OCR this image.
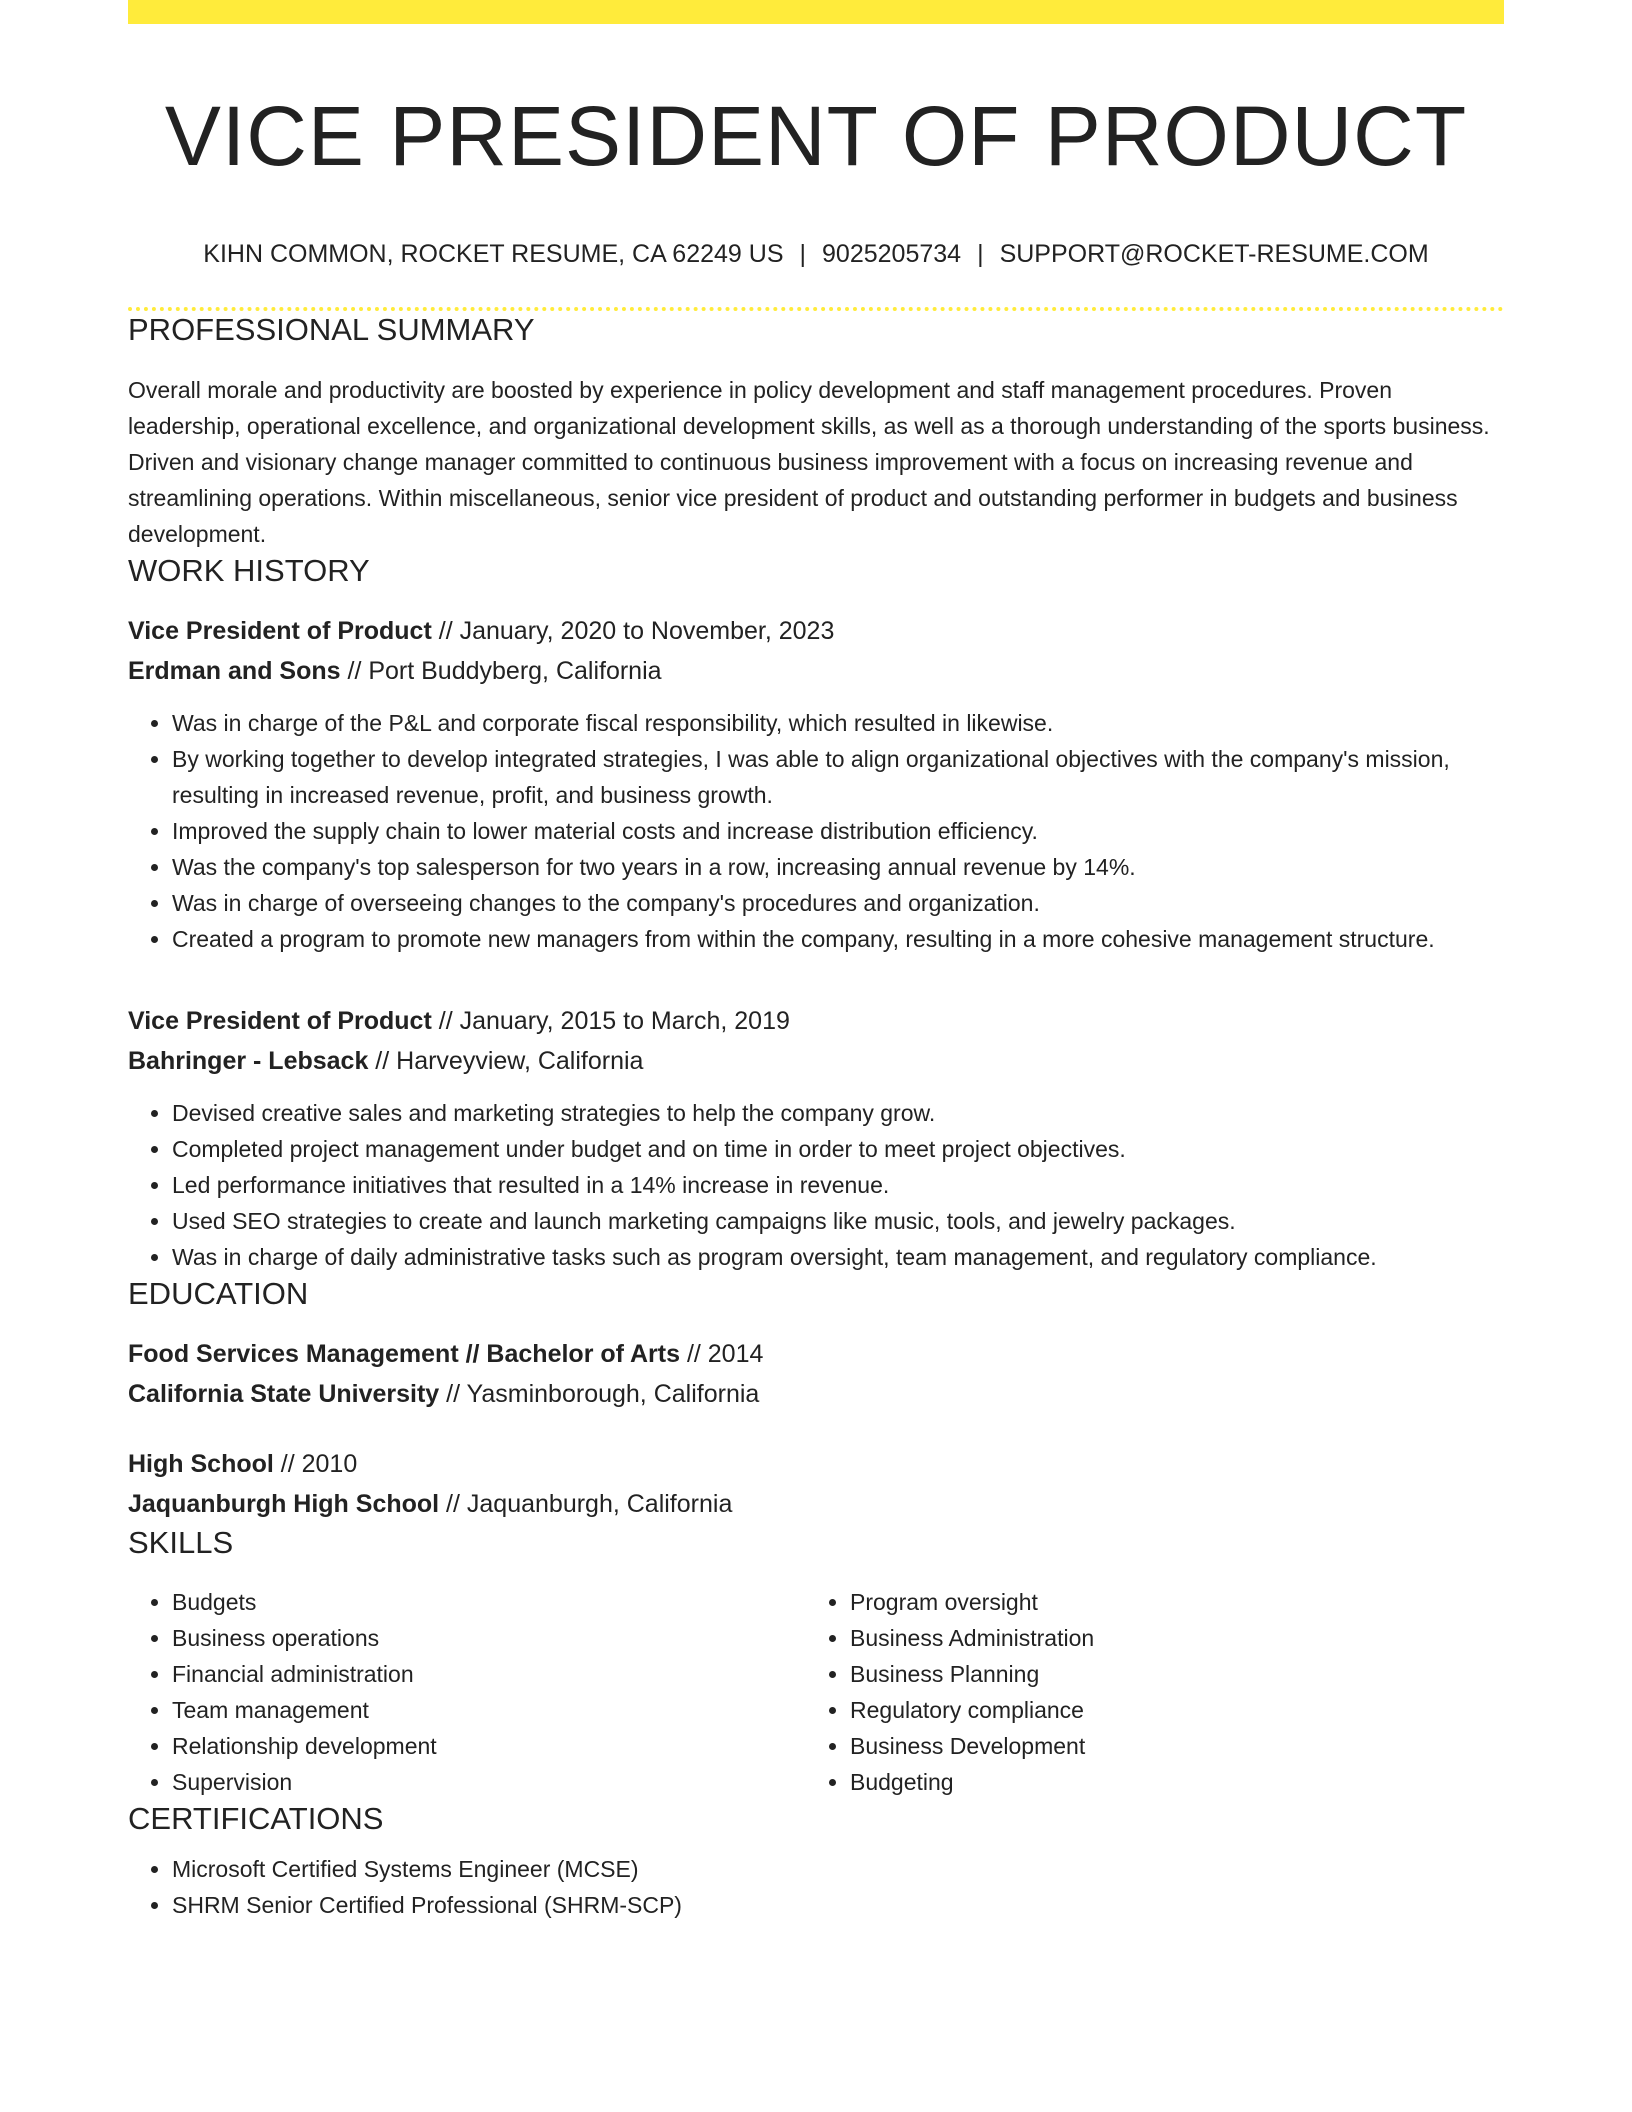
VICE PRESIDENT OF PRODUCT
KIHN COMMON, ROCKET RESUME, CA 62249 US | 9025205734 | SUPPORT@ROCKET-RESUME.COM
PROFESSIONAL SUMMARY
Overall morale and productivity are boosted by experience in policy development and staff management procedures. Proven leadership, operational excellence, and organizational development skills, as well as a thorough understanding of the sports business. Driven and visionary change manager committed to continuous business improvement with a focus on increasing revenue and streamlining operations. Within miscellaneous, senior vice president of product and outstanding performer in budgets and business development.
WORK HISTORY
Vice President of Product // January, 2020 to November, 2023
Erdman and Sons // Port Buddyberg, California
• Was in charge of the P&L and corporate fiscal responsibility, which resulted in likewise.
• By working together to develop integrated strategies, I was able to align organizational objectives with the company's mission, resulting in increased revenue, profit, and business growth.
• Improved the supply chain to lower material costs and increase distribution efficiency.
• Was the company's top salesperson for two years in a row, increasing annual revenue by 14%.
• Was in charge of overseeing changes to the company's procedures and organization.
• Created a program to promote new managers from within the company, resulting in a more cohesive management structure.
Vice President of Product // January, 2015 to March, 2019
Bahringer - Lebsack // Harveyview, California
• Devised creative sales and marketing strategies to help the company grow.
• Completed project management under budget and on time in order to meet project objectives.
• Led performance initiatives that resulted in a 14% increase in revenue.
• Used SEO strategies to create and launch marketing campaigns like music, tools, and jewelry packages.
• Was in charge of daily administrative tasks such as program oversight, team management, and regulatory compliance.
EDUCATION
Food Services Management // Bachelor of Arts // 2014
California State University // Yasminborough, California
High School // 2010
Jaquanburgh High School // Jaquanburgh, California
SKILLS
• Budgets
• Business operations
• Financial administration
• Team management
• Relationship development
• Supervision
• Program oversight
• Business Administration
• Business Planning
• Regulatory compliance
• Business Development
• Budgeting
CERTIFICATIONS
• Microsoft Certified Systems Engineer (MCSE)
• SHRM Senior Certified Professional (SHRM-SCP)
